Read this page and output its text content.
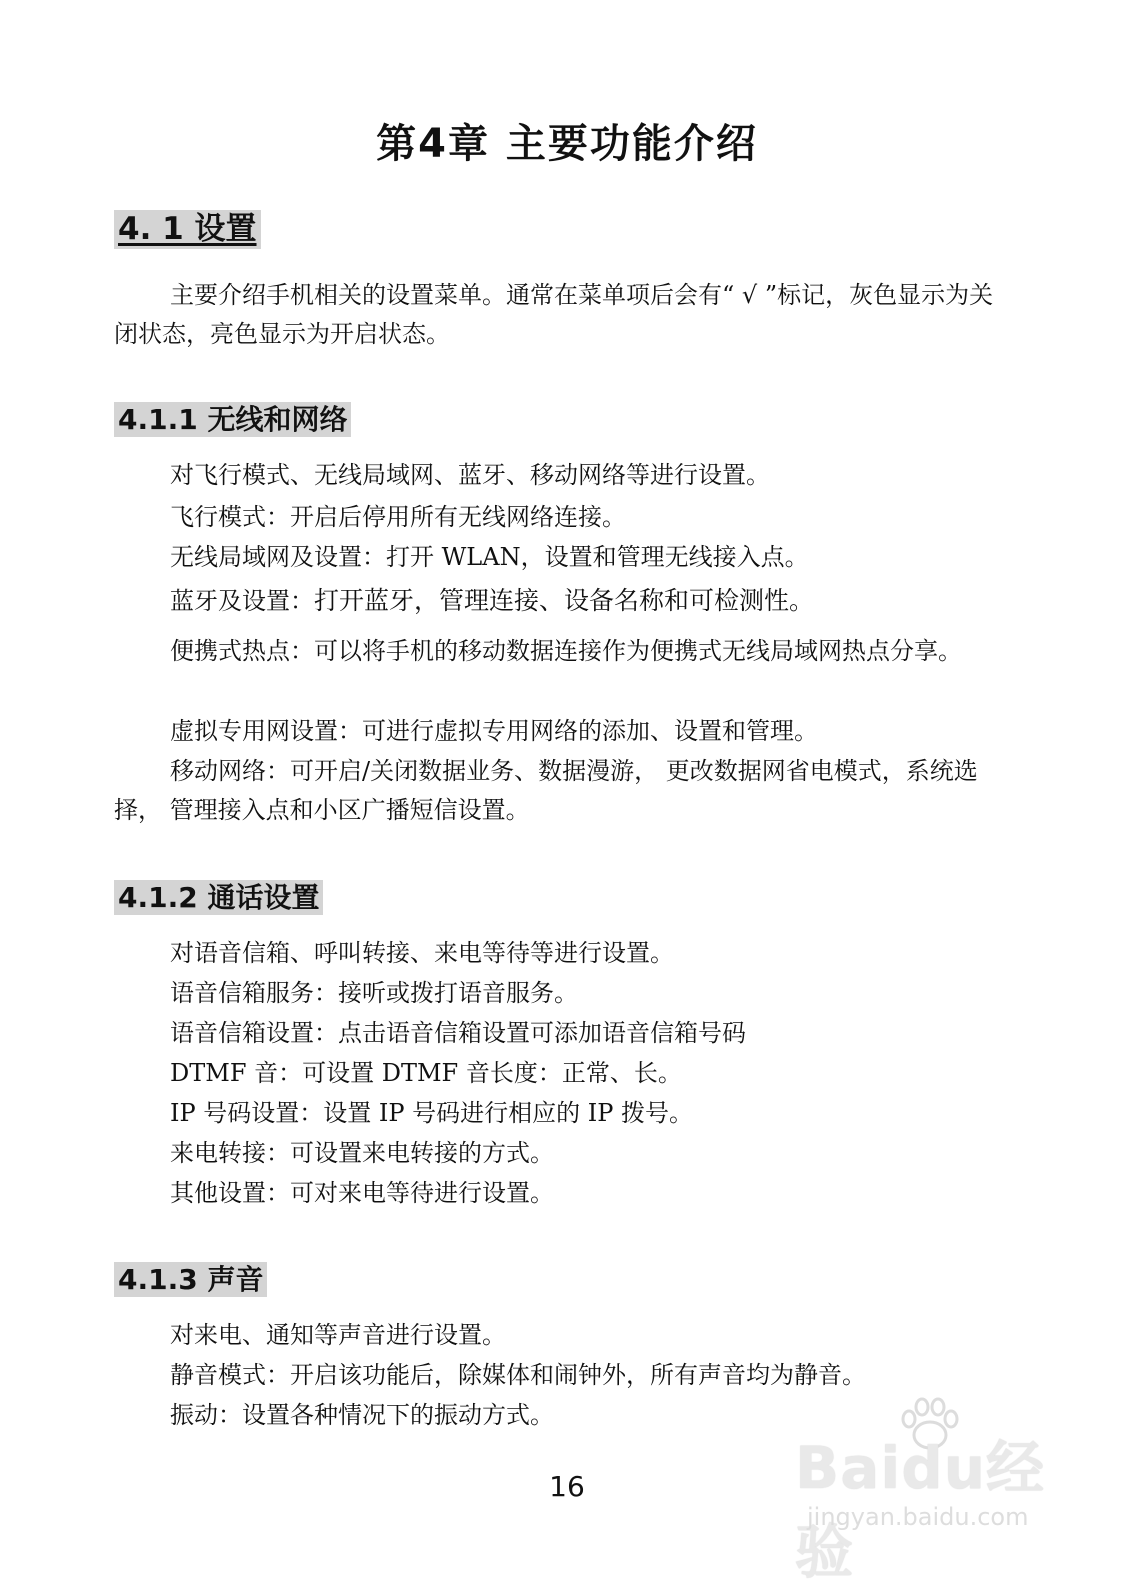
第4章 主要功能介绍
4. 1 设置

主要介绍手机相关的设置菜单。通常在菜单项后会有“ √ ”标记，灰色显示为关闭状态，亮色显示为开启状态。

4.1.1 无线和网络
对飞行模式、无线局域网、蓝牙、移动网络等进行设置。
飞行模式：开启后停用所有无线网络连接。
无线局域网及设置：打开 WLAN，设置和管理无线接入点。
蓝牙及设置：打开蓝牙，管理连接、设备名称和可检测性。

便携式热点：可以将手机的移动数据连接作为便携式无线局域网热点分享。

虚拟专用网设置：可进行虚拟专用网络的添加、设置和管理。

移动网络：可开启/关闭数据业务、数据漫游， 更改数据网省电模式，系统选择， 管理接入点和小区广播短信设置。

4.1.2 通话设置
对语音信箱、呼叫转接、来电等待等进行设置。
语音信箱服务：接听或拨打语音服务。
语音信箱设置：点击语音信箱设置可添加语音信箱号码
DTMF 音：可设置 DTMF 音长度：正常、长。
IP 号码设置：设置 IP 号码进行相应的 IP 拨号。
来电转接：可设置来电转接的方式。
其他设置：可对来电等待进行设置。
4.1.3 声音
对来电、通知等声音进行设置。
静音模式：开启该功能后，除媒体和闹钟外，所有声音均为静音。
振动：设置各种情况下的振动方式。
16	Baidu经验
jingyan.baidu.com
